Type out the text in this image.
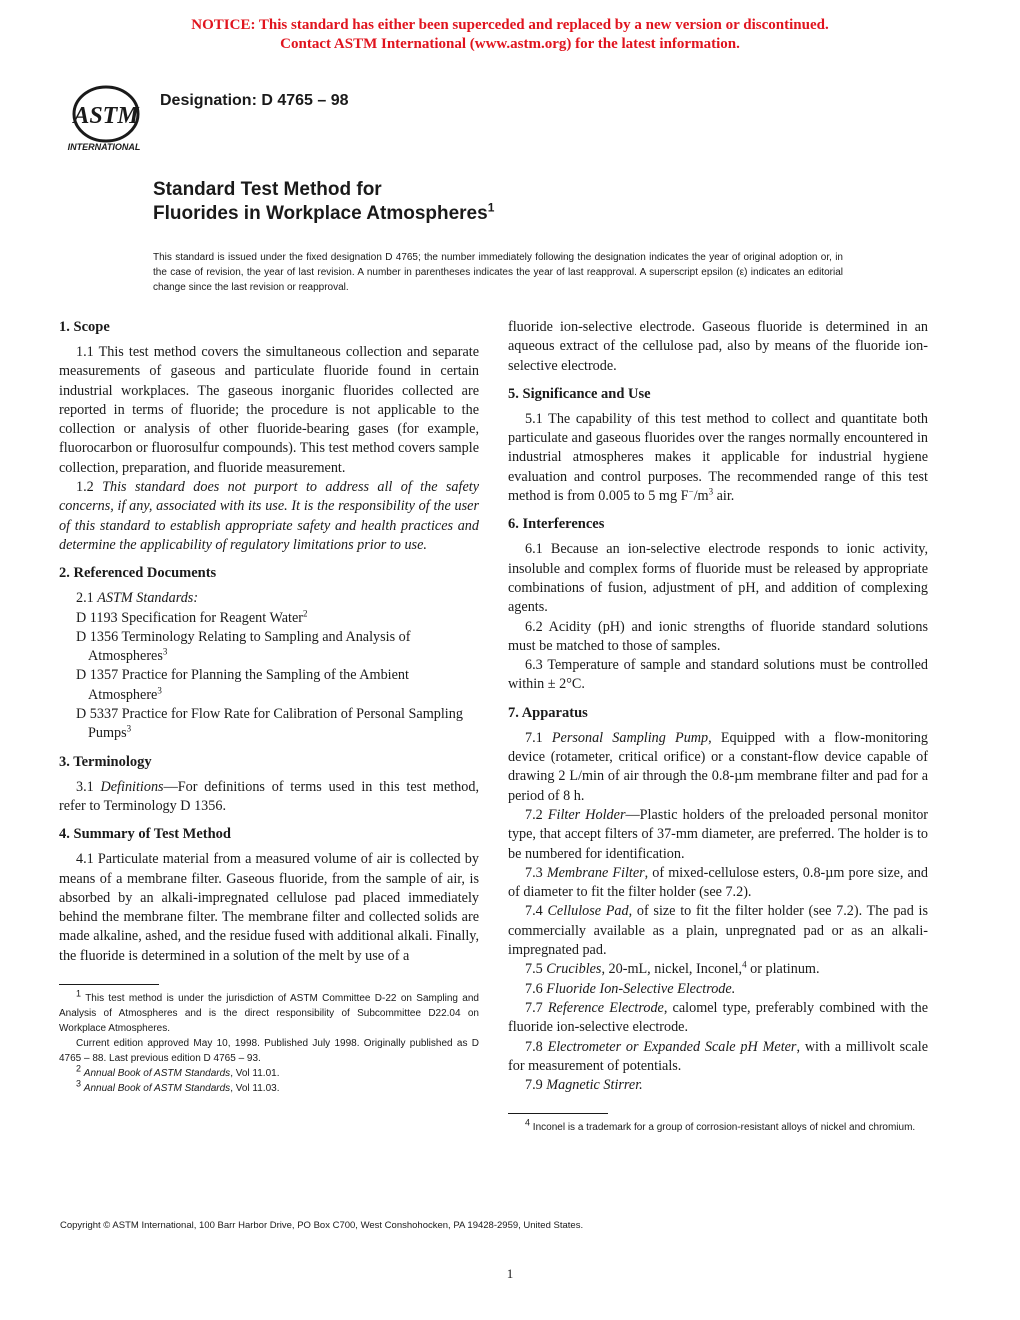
NOTICE: This standard has either been superceded and replaced by a new version or discontinued.
Contact ASTM International (www.astm.org) for the latest information.
ASTM
INTERNATIONAL
Designation: D 4765 – 98
Standard Test Method for
Fluorides in Workplace Atmospheres$^1$
This standard is issued under the fixed designation D 4765; the number immediately following the designation indicates the year of original adoption or, in the case of revision, the year of last revision. A number in parentheses indicates the year of last reapproval. A superscript epsilon (ε) indicates an editorial change since the last revision or reapproval.
1. Scope

1.1 This test method covers the simultaneous collection and separate measurements of gaseous and particulate fluoride found in certain industrial workplaces. The gaseous inorganic fluorides collected are reported in terms of fluoride; the procedure is not applicable to the collection or analysis of other fluoride-bearing gases (for example, fluorocarbon or fluorosulfur compounds). This test method covers sample collection, preparation, and fluoride measurement.

1.2 This standard does not purport to address all of the safety concerns, if any, associated with its use. It is the responsibility of the user of this standard to establish appropriate safety and health practices and determine the applicability of regulatory limitations prior to use.

2. Referenced Documents

2.1 ASTM Standards:

D 1193 Specification for Reagent Water$^2$

D 1356 Terminology Relating to Sampling and Analysis of Atmospheres$^3$

D 1357 Practice for Planning the Sampling of the Ambient Atmosphere$^3$

D 5337 Practice for Flow Rate for Calibration of Personal Sampling Pumps$^3$

3. Terminology

3.1 Definitions—For definitions of terms used in this test method, refer to Terminology D 1356.

4. Summary of Test Method

4.1 Particulate material from a measured volume of air is collected by means of a membrane filter. Gaseous fluoride, from the sample of air, is absorbed by an alkali-impregnated cellulose pad placed immediately behind the membrane filter. The membrane filter and collected solids are made alkaline, ashed, and the residue fused with additional alkali. Finally, the fluoride is determined in a solution of the melt by use of a

$^1$ This test method is under the jurisdiction of ASTM Committee D-22 on Sampling and Analysis of Atmospheres and is the direct responsibility of Subcommittee D22.04 on Workplace Atmospheres.

Current edition approved May 10, 1998. Published July 1998. Originally published as D 4765 – 88. Last previous edition D 4765 – 93.

$^2$ Annual Book of ASTM Standards, Vol 11.01.

$^3$ Annual Book of ASTM Standards, Vol 11.03.

fluoride ion-selective electrode. Gaseous fluoride is determined in an aqueous extract of the cellulose pad, also by means of the fluoride ion-selective electrode.

5. Significance and Use

5.1 The capability of this test method to collect and quantitate both particulate and gaseous fluorides over the ranges normally encountered in industrial atmospheres makes it applicable for industrial hygiene evaluation and control purposes. The recommended range of this test method is from 0.005 to 5 mg $F^-/m^3$ air.

6. Interferences

6.1 Because an ion-selective electrode responds to ionic activity, insoluble and complex forms of fluoride must be released by appropriate combinations of fusion, adjustment of pH, and addition of complexing agents.

6.2 Acidity (pH) and ionic strengths of fluoride standard solutions must be matched to those of samples.

6.3 Temperature of sample and standard solutions must be controlled within ± 2°C.

7. Apparatus

7.1 Personal Sampling Pump, Equipped with a flow-monitoring device (rotameter, critical orifice) or a constant-flow device capable of drawing 2 L/min of air through the 0.8-µm membrane filter and pad for a period of 8 h.

7.2 Filter Holder—Plastic holders of the preloaded personal monitor type, that accept filters of 37-mm diameter, are preferred. The holder is to be numbered for identification.

7.3 Membrane Filter, of mixed-cellulose esters, 0.8-µm pore size, and of diameter to fit the filter holder (see 7.2).

7.4 Cellulose Pad, of size to fit the filter holder (see 7.2). The pad is commercially available as a plain, unpregnated pad or as an alkali-impregnated pad.

7.5 Crucibles, 20-mL, nickel, Inconel,$^4$ or platinum.

7.6 Fluoride Ion-Selective Electrode.

7.7 Reference Electrode, calomel type, preferably combined with the fluoride ion-selective electrode.

7.8 Electrometer or Expanded Scale pH Meter, with a millivolt scale for measurement of potentials.

7.9 Magnetic Stirrer.

$^4$ Inconel is a trademark for a group of corrosion-resistant alloys of nickel and chromium.

Copyright © ASTM International, 100 Barr Harbor Drive, PO Box C700, West Conshohocken, PA 19428-2959, United States.
1
